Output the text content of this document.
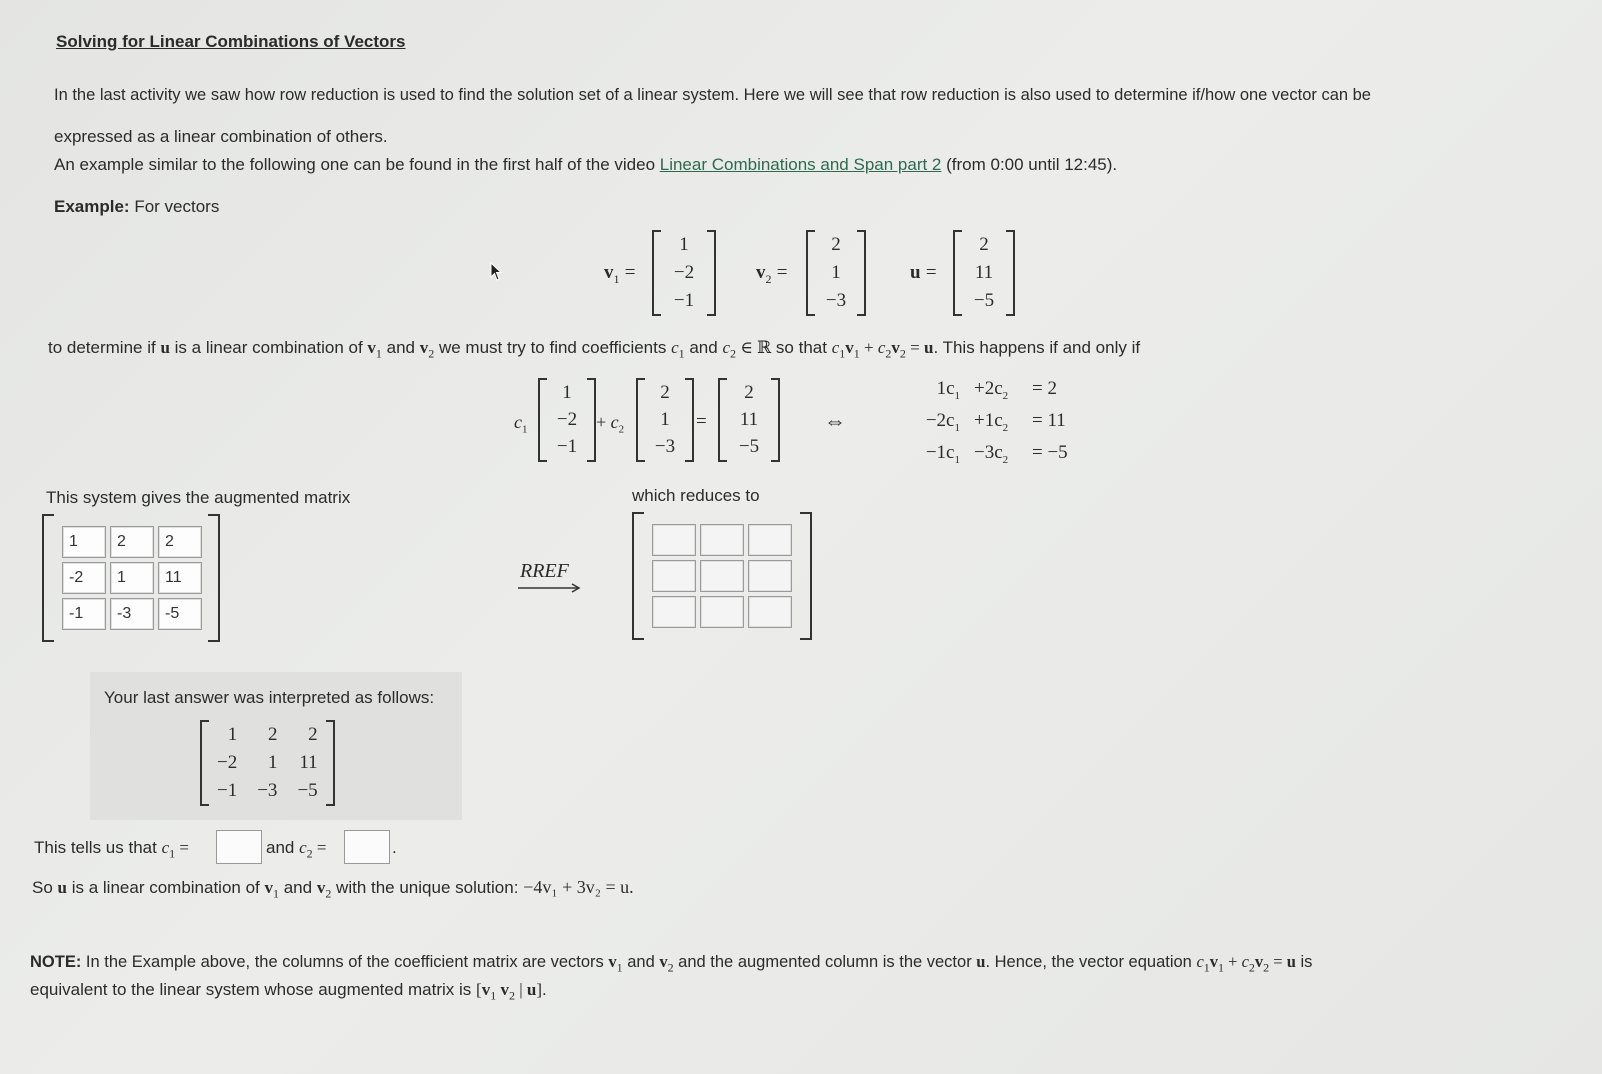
Solving for Linear Combinations of Vectors
In the last activity we saw how row reduction is used to find the solution set of a linear system. Here we will see that row reduction is also used to determine if/how one vector can be
expressed as a linear combination of others.
An example similar to the following one can be found in the first half of the video Linear Combinations and Span part 2 (from 0:00 until 12:45).
Example: For vectors
$v_1$ =
1
−2
−1
$v_2$ =
2
1
−3
u =
2
11
−5
to determine if u is a linear combination of $v_1$ and $v_2$ we must try to find coefficients $c_1$ and $c_2$ ∈ ℝ so that $c_1v_1 + c_2v_2 = u$. This happens if and only if
$c_1$
1
−2
−1
+ $c_2$
2
1
−3
=
2
11
−5
⇔
$1c_1 +2c_2$	= 2
$-2c_1 +1c_2$	= 11
$-1c_1 -3c_2$	= −5
This system gives the augmented matrix
1	2	2
-2	1	11
-1	-3	-5
RREF
which reduces to
Your last answer was interpreted as follows:
1	2	2
−2	1 11
−1 −3 −5
This tells us that $c_1$ =	and $c_2$ =	.
So u is a linear combination of $v_1$ and $v_2$ with the unique solution: −4v₁ + 3v₂ = u.
NOTE: In the Example above, the columns of the coefficient matrix are vectors $v_1$ and $v_2$ and the augmented column is the vector u. Hence, the vector equation $c_1v_1 + c_2v_2 = u$ is
equivalent to the linear system whose augmented matrix is [$v_1$ $v_2$ | u].
